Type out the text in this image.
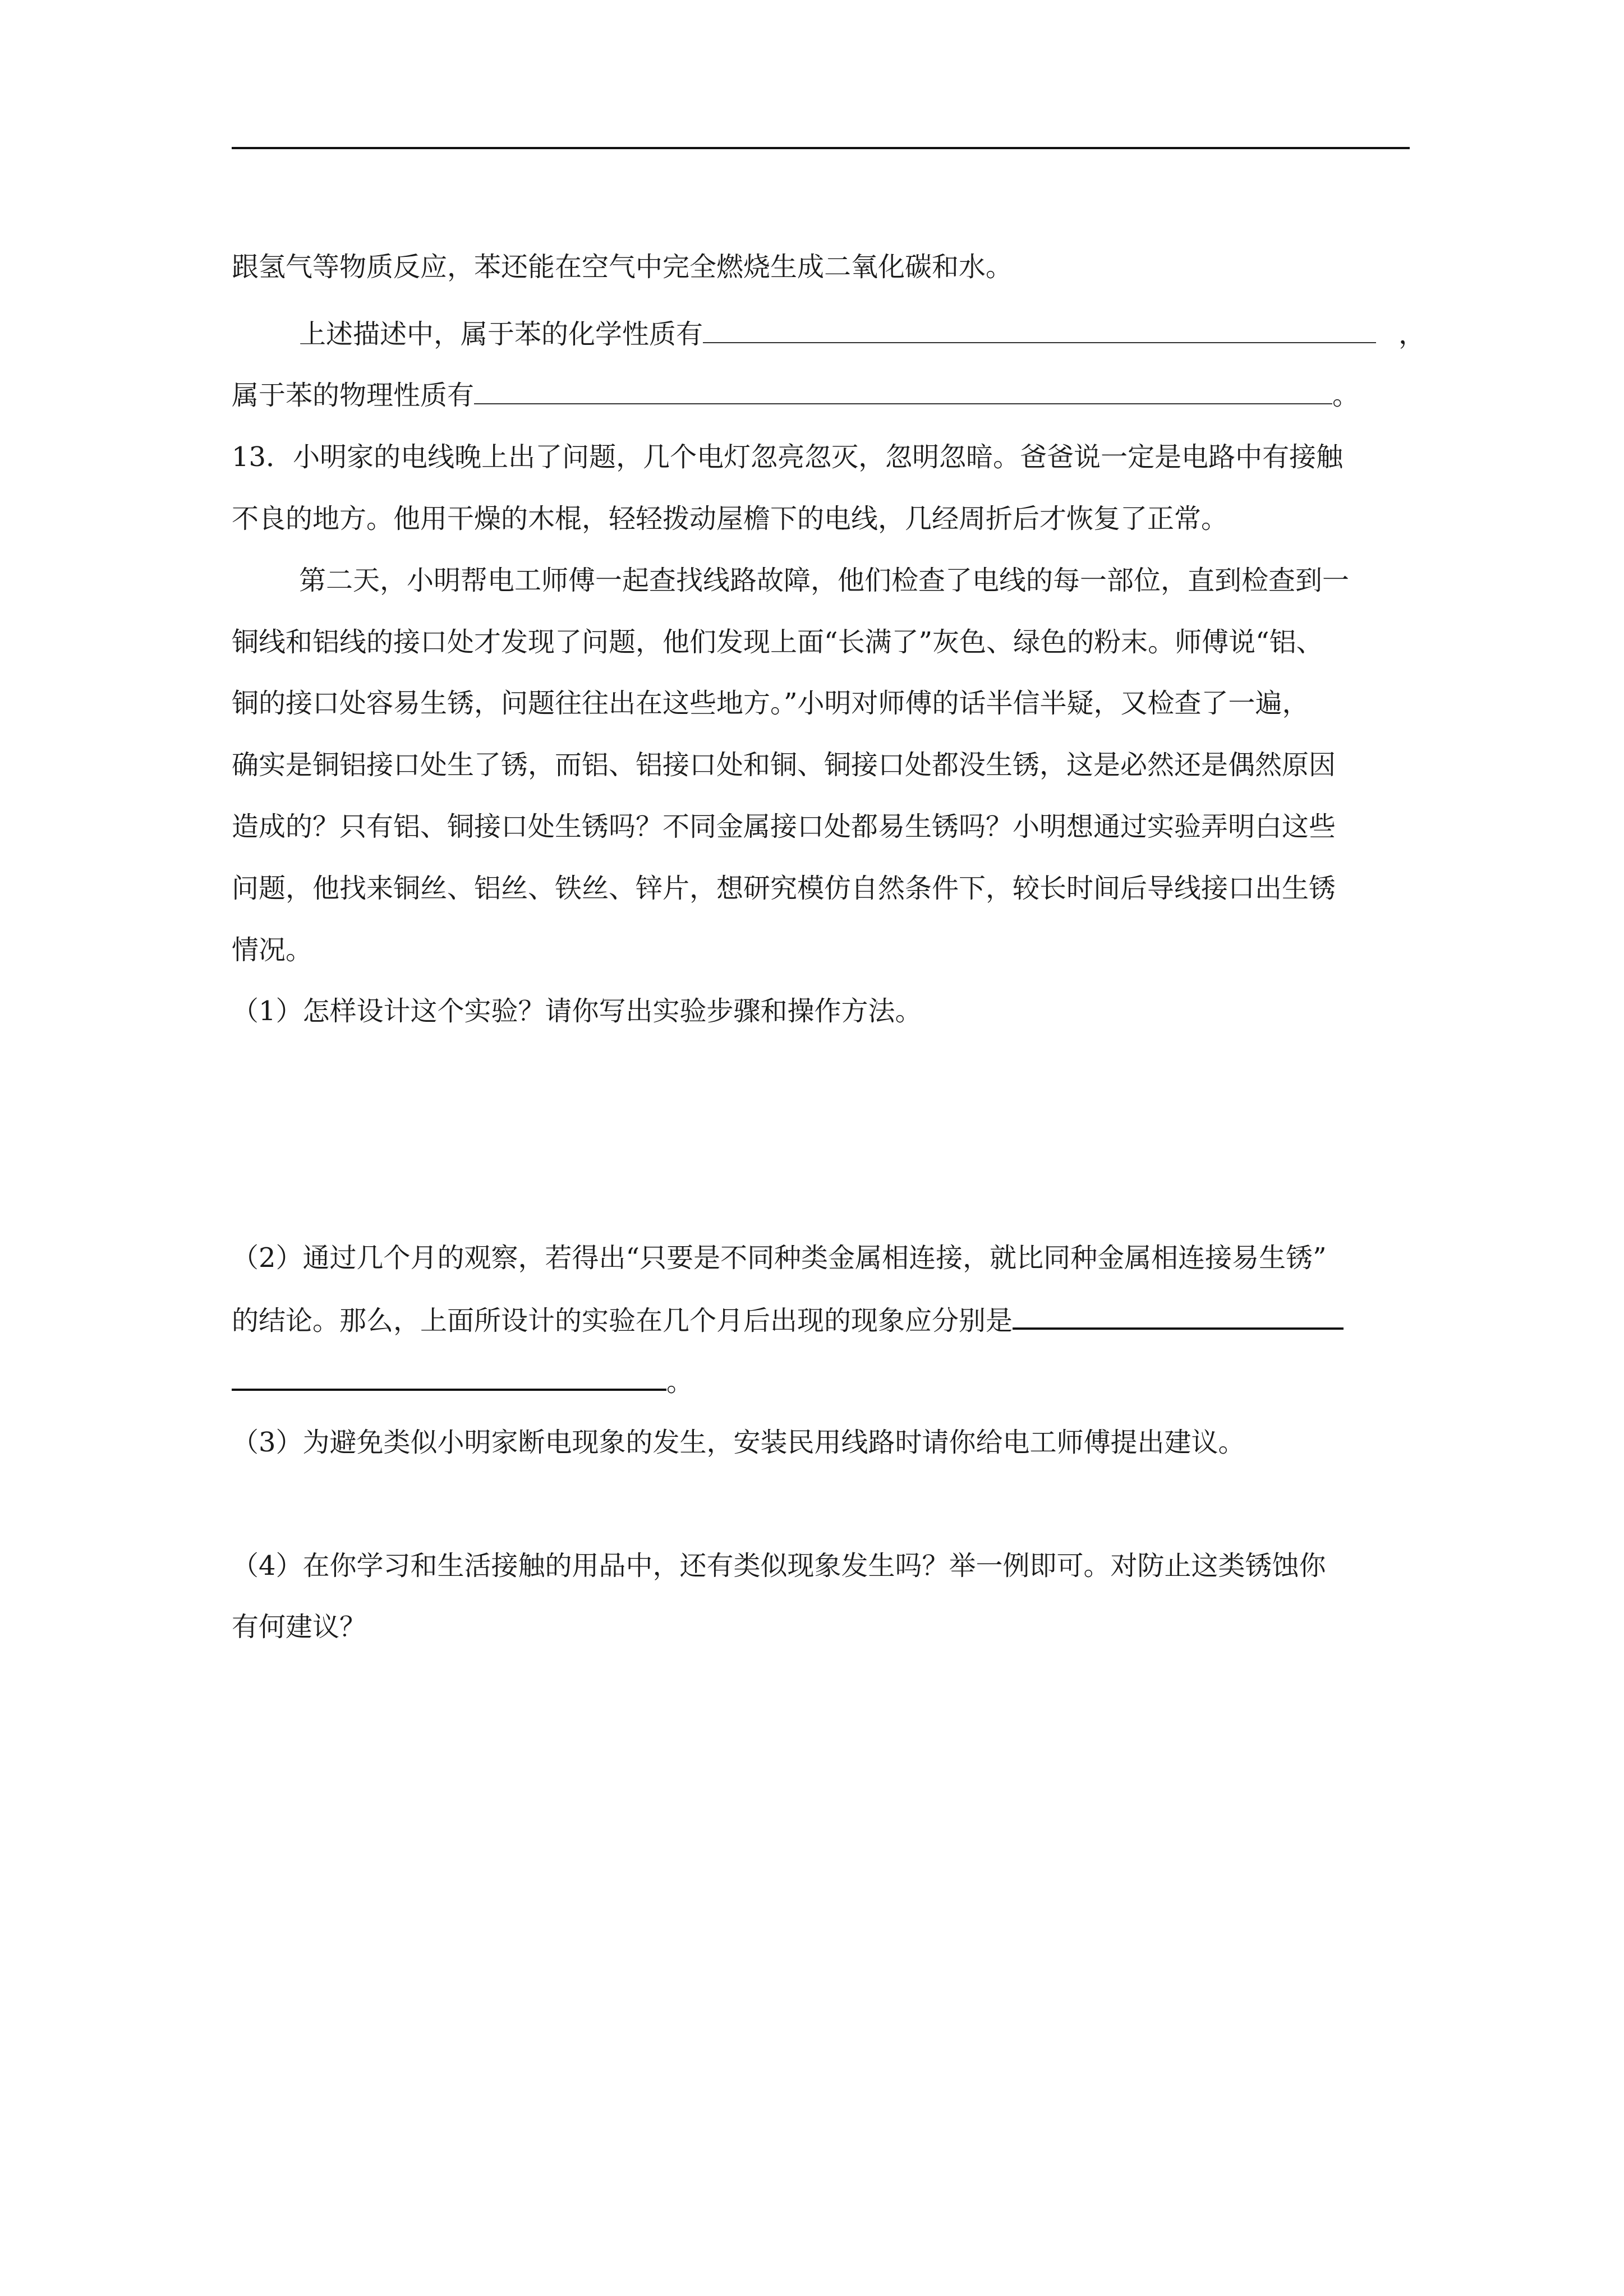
跟氢气等物质反应，苯还能在空气中完全燃烧生成二氧化碳和水。
上述描述中，属于苯的化学性质有	，
属于苯的物理性质有	。
13．小明家的电线晚上出了问题，几个电灯忽亮忽灭，忽明忽暗。爸爸说一定是电路中有接触
不良的地方。他用干燥的木棍，轻轻拨动屋檐下的电线，几经周折后才恢复了正常。
第二天，小明帮电工师傅一起查找线路故障，他们检查了电线的每一部位，直到检查到一
铜线和铝线的接口处才发现了问题，他们发现上面“长满了”灰色、绿色的粉末。师傅说“铝、
铜的接口处容易生锈，问题往往出在这些地方。”小明对师傅的话半信半疑，又检查了一遍，
确实是铜铝接口处生了锈，而铝、铝接口处和铜、铜接口处都没生锈，这是必然还是偶然原因
造成的？只有铝、铜接口处生锈吗？不同金属接口处都易生锈吗？小明想通过实验弄明白这些
问题，他找来铜丝、铝丝、铁丝、锌片，想研究模仿自然条件下，较长时间后导线接口出生锈
情况。
（1）怎样设计这个实验？请你写出实验步骤和操作方法。
（2）通过几个月的观察，若得出“只要是不同种类金属相连接，就比同种金属相连接易生锈”
的结论。那么，上面所设计的实验在几个月后出现的现象应分别是
。
（3）为避免类似小明家断电现象的发生，安装民用线路时请你给电工师傅提出建议。
（4）在你学习和生活接触的用品中，还有类似现象发生吗？举一例即可。对防止这类锈蚀你
有何建议？
